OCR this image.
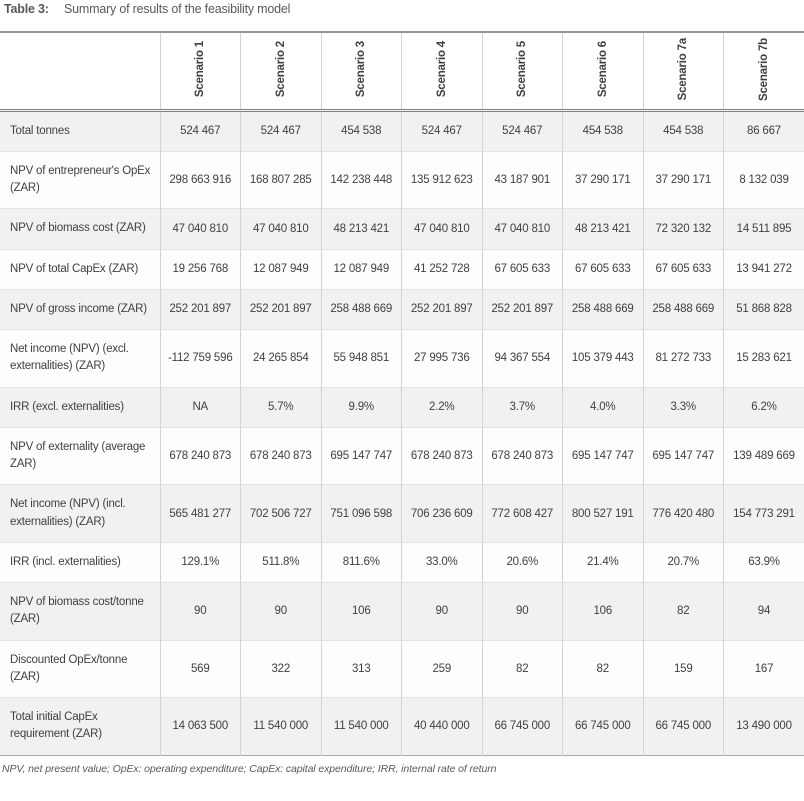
Table 3:	Summary of results of the feasibility model
	Scenario 1	Scenario 2	Scenario 3	Scenario 4	Scenario 5	Scenario 6	Scenario 7a	Scenario 7b
Total tonnes	524 467	524 467	454 538	524 467	524 467	454 538	454 538	86 667
NPV of entrepreneur's OpEx (ZAR)	298 663 916	168 807 285	142 238 448	135 912 623	43 187 901	37 290 171	37 290 171	8 132 039
NPV of biomass cost (ZAR)	47 040 810	47 040 810	48 213 421	47 040 810	47 040 810	48 213 421	72 320 132	14 511 895
NPV of total CapEx (ZAR)	19 256 768	12 087 949	12 087 949	41 252 728	67 605 633	67 605 633	67 605 633	13 941 272
NPV of gross income (ZAR)	252 201 897	252 201 897	258 488 669	252 201 897	252 201 897	258 488 669	258 488 669	51 868 828
Net income (NPV) (excl. externalities) (ZAR)	-112 759 596	24 265 854	55 948 851	27 995 736	94 367 554	105 379 443	81 272 733	15 283 621
IRR (excl. externalities)	NA	5.7%	9.9%	2.2%	3.7%	4.0%	3.3%	6.2%
NPV of externality (average ZAR)	678 240 873	678 240 873	695 147 747	678 240 873	678 240 873	695 147 747	695 147 747	139 489 669
Net income (NPV) (incl. externalities) (ZAR)	565 481 277	702 506 727	751 096 598	706 236 609	772 608 427	800 527 191	776 420 480	154 773 291
IRR (incl. externalities)	129.1%	511.8%	811.6%	33.0%	20.6%	21.4%	20.7%	63.9%
NPV of biomass cost/tonne (ZAR)	90	90	106	90	90	106	82	94
Discounted OpEx/tonne (ZAR)	569	322	313	259	82	82	159	167
Total initial CapEx requirement (ZAR)	14 063 500	11 540 000	11 540 000	40 440 000	66 745 000	66 745 000	66 745 000	13 490 000
NPV, net present value; OpEx: operating expenditure; CapEx: capital expenditure; IRR, internal rate of return
